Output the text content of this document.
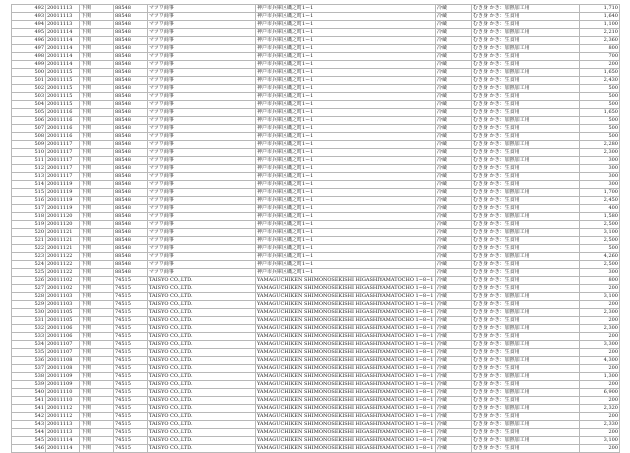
492	20011113	下関	88548	マツワ商事	神戸市兵庫区磯之町1ー1	冷蔵	むき身 かき：加熱加工用	1,710
493	20011113	下関	88548	マツワ商事	神戸市兵庫区磯之町1ー1	冷蔵	むき身 かき：生食用	1,640
494	20011113	下関	88548	マツワ商事	神戸市兵庫区磯之町1ー1	冷蔵	むき身 かき：生食用	1,100
495	20011114	下関	88548	マツワ商事	神戸市兵庫区磯之町1ー1	冷蔵	むき身 かき：加熱加工用	2,210
496	20011114	下関	88548	マツワ商事	神戸市兵庫区磯之町1ー1	冷蔵	むき身 かき：生食用	2,360
497	20011114	下関	88548	マツワ商事	神戸市兵庫区磯之町1ー1	冷蔵	むき身 かき：加熱加工用	800
498	20011114	下関	88548	マツワ商事	神戸市兵庫区磯之町1ー1	冷蔵	むき身 かき：生食用	700
499	20011114	下関	88548	マツワ商事	神戸市兵庫区磯之町1ー1	冷蔵	むき身 かき：生食用	200
500	20011115	下関	88548	マツワ商事	神戸市兵庫区磯之町1ー1	冷蔵	むき身 かき：加熱加工用	1,650
501	20011115	下関	88548	マツワ商事	神戸市兵庫区磯之町1ー1	冷蔵	むき身 かき：生食用	2,430
502	20011115	下関	88548	マツワ商事	神戸市兵庫区磯之町1ー1	冷蔵	むき身 かき：加熱加工用	500
503	20011115	下関	88548	マツワ商事	神戸市兵庫区磯之町1ー1	冷蔵	むき身 かき：生食用	500
504	20011115	下関	88548	マツワ商事	神戸市兵庫区磯之町1ー1	冷蔵	むき身 かき：生食用	500
505	20011116	下関	88548	マツワ商事	神戸市兵庫区磯之町1ー1	冷蔵	むき身 かき：生食用	1,650
506	20011116	下関	88548	マツワ商事	神戸市兵庫区磯之町1ー1	冷蔵	むき身 かき：加熱加工用	500
507	20011116	下関	88548	マツワ商事	神戸市兵庫区磯之町1ー1	冷蔵	むき身 かき：生食用	500
508	20011116	下関	88548	マツワ商事	神戸市兵庫区磯之町1ー1	冷蔵	むき身 かき：生食用	500
509	20011117	下関	88548	マツワ商事	神戸市兵庫区磯之町1ー1	冷蔵	むき身 かき：加熱加工用	2,280
510	20011117	下関	88548	マツワ商事	神戸市兵庫区磯之町1ー1	冷蔵	むき身 かき：生食用	2,300
511	20011117	下関	88548	マツワ商事	神戸市兵庫区磯之町1ー1	冷蔵	むき身 かき：加熱加工用	300
512	20011117	下関	88548	マツワ商事	神戸市兵庫区磯之町1ー1	冷蔵	むき身 かき：生食用	300
513	20011117	下関	88548	マツワ商事	神戸市兵庫区磯之町1ー1	冷蔵	むき身 かき：生食用	300
514	20011119	下関	88548	マツワ商事	神戸市兵庫区磯之町1ー1	冷蔵	むき身 かき：生食用	300
515	20011119	下関	88548	マツワ商事	神戸市兵庫区磯之町1ー1	冷蔵	むき身 かき：加熱加工用	1,700
516	20011119	下関	88548	マツワ商事	神戸市兵庫区磯之町1ー1	冷蔵	むき身 かき：生食用	2,450
517	20011119	下関	88548	マツワ商事	神戸市兵庫区磯之町1ー1	冷蔵	むき身 かき：生食用	400
518	20011120	下関	88548	マツワ商事	神戸市兵庫区磯之町1ー1	冷蔵	むき身 かき：加熱加工用	1,580
519	20011120	下関	88548	マツワ商事	神戸市兵庫区磯之町1ー1	冷蔵	むき身 かき：生食用	2,500
520	20011121	下関	88548	マツワ商事	神戸市兵庫区磯之町1ー1	冷蔵	むき身 かき：加熱加工用	3,100
521	20011121	下関	88548	マツワ商事	神戸市兵庫区磯之町1ー1	冷蔵	むき身 かき：生食用	2,500
522	20011121	下関	88548	マツワ商事	神戸市兵庫区磯之町1ー1	冷蔵	むき身 かき：生食用	500
523	20011122	下関	88548	マツワ商事	神戸市兵庫区磯之町1ー1	冷蔵	むき身 かき：加熱加工用	4,260
524	20011122	下関	88548	マツワ商事	神戸市兵庫区磯之町1ー1	冷蔵	むき身 かき：生食用	2,500
525	20011122	下関	88548	マツワ商事	神戸市兵庫区磯之町1ー1	冷蔵	むき身 かき：生食用	300
526	20011102	下関	74515	TAISYO CO.,LTD.	YAMAGUCHIKEN SHIMONOSEKISHI HIGASHIYAMATOCHO 1−8−1	冷蔵	むき身 かき：生食用	800
527	20011102	下関	74515	TAISYO CO.,LTD.	YAMAGUCHIKEN SHIMONOSEKISHI HIGASHIYAMATOCHO 1−8−1	冷蔵	むき身 かき：生食用	200
528	20011103	下関	74515	TAISYO CO.,LTD.	YAMAGUCHIKEN SHIMONOSEKISHI HIGASHIYAMATOCHO 1−8−1	冷蔵	むき身 かき：加熱加工用	3,100
529	20011103	下関	74515	TAISYO CO.,LTD.	YAMAGUCHIKEN SHIMONOSEKISHI HIGASHIYAMATOCHO 1−8−1	冷蔵	むき身 かき：生食用	200
530	20011105	下関	74515	TAISYO CO.,LTD.	YAMAGUCHIKEN SHIMONOSEKISHI HIGASHIYAMATOCHO 1−8−1	冷蔵	むき身 かき：加熱加工用	2,300
531	20011105	下関	74515	TAISYO CO.,LTD.	YAMAGUCHIKEN SHIMONOSEKISHI HIGASHIYAMATOCHO 1−8−1	冷蔵	むき身 かき：生食用	200
532	20011106	下関	74515	TAISYO CO.,LTD.	YAMAGUCHIKEN SHIMONOSEKISHI HIGASHIYAMATOCHO 1−8−1	冷蔵	むき身 かき：加熱加工用	2,300
533	20011106	下関	74515	TAISYO CO.,LTD.	YAMAGUCHIKEN SHIMONOSEKISHI HIGASHIYAMATOCHO 1−8−1	冷蔵	むき身 かき：生食用	200
534	20011107	下関	74515	TAISYO CO.,LTD.	YAMAGUCHIKEN SHIMONOSEKISHI HIGASHIYAMATOCHO 1−8−1	冷蔵	むき身 かき：加熱加工用	3,300
535	20011107	下関	74515	TAISYO CO.,LTD.	YAMAGUCHIKEN SHIMONOSEKISHI HIGASHIYAMATOCHO 1−8−1	冷蔵	むき身 かき：生食用	200
536	20011108	下関	74515	TAISYO CO.,LTD.	YAMAGUCHIKEN SHIMONOSEKISHI HIGASHIYAMATOCHO 1−8−1	冷蔵	むき身 かき：加熱加工用	4,300
537	20011108	下関	74515	TAISYO CO.,LTD.	YAMAGUCHIKEN SHIMONOSEKISHI HIGASHIYAMATOCHO 1−8−1	冷蔵	むき身 かき：生食用	200
538	20011109	下関	74515	TAISYO CO.,LTD.	YAMAGUCHIKEN SHIMONOSEKISHI HIGASHIYAMATOCHO 1−8−1	冷蔵	むき身 かき：加熱加工用	1,300
539	20011109	下関	74515	TAISYO CO.,LTD.	YAMAGUCHIKEN SHIMONOSEKISHI HIGASHIYAMATOCHO 1−8−1	冷蔵	むき身 かき：生食用	200
540	20011110	下関	74515	TAISYO CO.,LTD.	YAMAGUCHIKEN SHIMONOSEKISHI HIGASHIYAMATOCHO 1−8−1	冷蔵	むき身 かき：加熱加工用	6,900
541	20011110	下関	74515	TAISYO CO.,LTD.	YAMAGUCHIKEN SHIMONOSEKISHI HIGASHIYAMATOCHO 1−8−1	冷蔵	むき身 かき：生食用	200
541	20011112	下関	74515	TAISYO CO.,LTD.	YAMAGUCHIKEN SHIMONOSEKISHI HIGASHIYAMATOCHO 1−8−1	冷蔵	むき身 かき：加熱加工用	2,320
542	20011112	下関	74515	TAISYO CO.,LTD.	YAMAGUCHIKEN SHIMONOSEKISHI HIGASHIYAMATOCHO 1−8−1	冷蔵	むき身 かき：生食用	200
543	20011113	下関	74515	TAISYO CO.,LTD.	YAMAGUCHIKEN SHIMONOSEKISHI HIGASHIYAMATOCHO 1−8−1	冷蔵	むき身 かき：加熱加工用	2,330
544	20011113	下関	74515	TAISYO CO.,LTD.	YAMAGUCHIKEN SHIMONOSEKISHI HIGASHIYAMATOCHO 1−8−1	冷蔵	むき身 かき：生食用	200
545	20011114	下関	74515	TAISYO CO.,LTD.	YAMAGUCHIKEN SHIMONOSEKISHI HIGASHIYAMATOCHO 1−8−1	冷蔵	むき身 かき：加熱加工用	3,100
546	20011114	下関	74515	TAISYO CO.,LTD.	YAMAGUCHIKEN SHIMONOSEKISHI HIGASHIYAMATOCHO 1−8−1	冷蔵	むき身 かき：生食用	200
